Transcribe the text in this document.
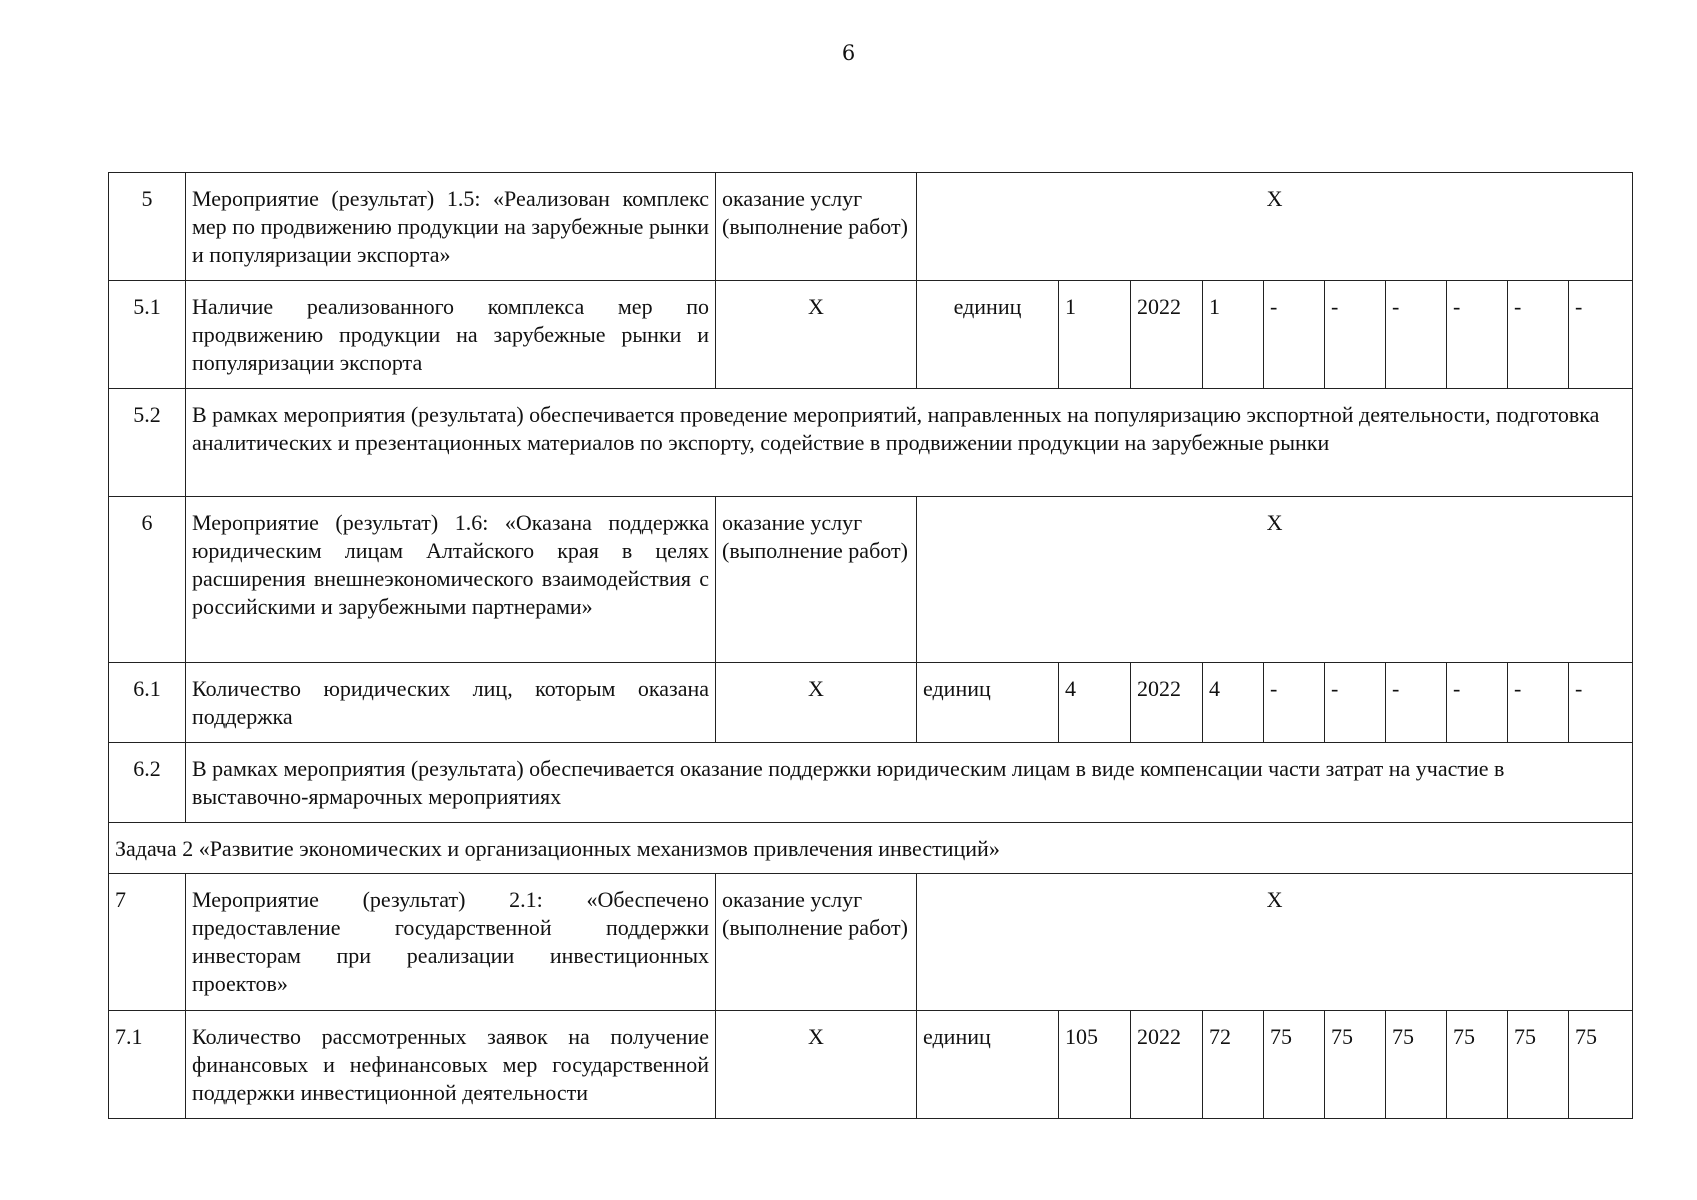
6
5	Мероприятие (результат) 1.5: «Реализован комплекс мер по продвижению продукции на зарубежные рынки и популяризации экспорта»	оказание услуг (выполнение работ)	X									
5.1	Наличие реализованного комплекса мер по продвижению продукции на зарубежные рынки и популяризации экспорта	X	единиц	1	2022	1	-	-	-	-	-	-
5.2	В рамках мероприятия (результата) обеспечивается проведение мероприятий, направленных на популяризацию экспортной деятельности, подготовка аналитических и презентационных материалов по экспорту, содействие в продвижении продукции на зарубежные рынки											
6	Мероприятие (результат) 1.6: «Оказана поддержка юридическим лицам Алтайского края в целях расширения внешнеэкономического взаимодействия с российскими и зарубежными партнерами»	оказание услуг (выполнение работ)	X									
6.1	Количество юридических лиц, которым оказана поддержка	X	единиц	4	2022	4	-	-	-	-	-	-
6.2	В рамках мероприятия (результата) обеспечивается оказание поддержки юридическим лицам в виде компенсации части затрат на участие в выставочно-ярмарочных мероприятиях											
Задача 2 «Развитие экономических и организационных механизмов привлечения инвестиций»												
7	Мероприятие (результат) 2.1: «Обеспечено предоставление государственной поддержки инвесторам при реализации инвестиционных проектов»	оказание услуг (выполнение работ)	X									
7.1	Количество рассмотренных заявок на получение финансовых и нефинансовых мер государственной поддержки инвестиционной деятельности	X	единиц	105	2022	72	75	75	75	75	75	75
